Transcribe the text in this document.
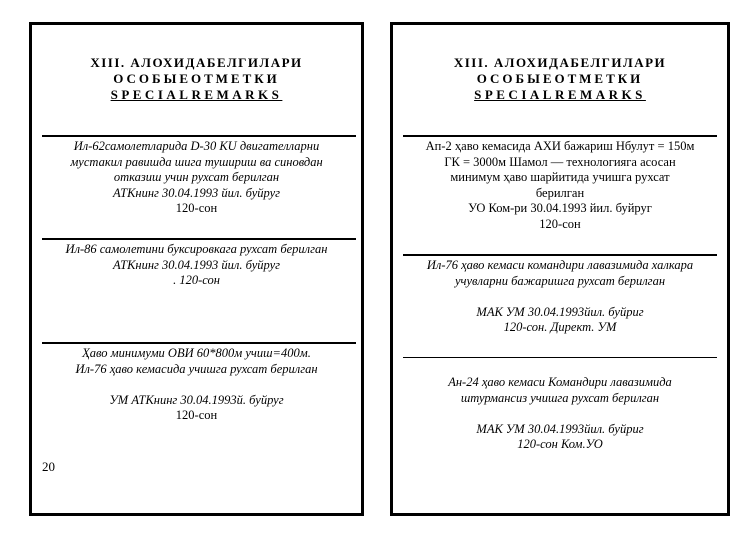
XIII. АЛОХИДАБЕЛГИЛАРИ
ОСОБЫЕОТМЕТКИ
SPECIALREMARKS
Ил-62самолетларида D-30 KU двигателларни
мустакил равишда шига тушириш ва синовдан
отказиш учин рухсат берилган
АТКнинг 30.04.1993 йил. буйруг
120-сон
Ил-86 самолетини буксировкага рухсат берилган
АТКнинг 30.04.1993 йил. буйруг
. 120-сон
Ҳаво минимуми ОВИ 60*800м учиш=400м.
Ил-76 ҳаво кемасида учишга рухсат берилган
УМ АТКнинг 30.04.1993й. буйруг
120-сон
20
XIII. АЛОХИДАБЕЛГИЛАРИ
ОСОБЫЕОТМЕТКИ
SPECIALREMARKS
Ап-2 ҳаво кемасида АХИ бажариш Нбулут = 150м
ГК = 3000м Шамол — технологияга асосан
минимум ҳаво шарйитида учишга рухсат
берилган
УО Ком-ри 30.04.1993 йил. буйруг
120-сон
Ил-76 ҳаво кемаси командири лавазимида халкара
учувларни бажаришга рухсат берилган
МАК УМ 30.04.1993йил. буйриг
120-сон. Директ. УМ
Ан-24 ҳаво кемаси Командири лавазимида
штурмансиз учишга рухсат берилган
МАК УМ 30.04.1993йил. буйриг
120-сон Ком.УО
